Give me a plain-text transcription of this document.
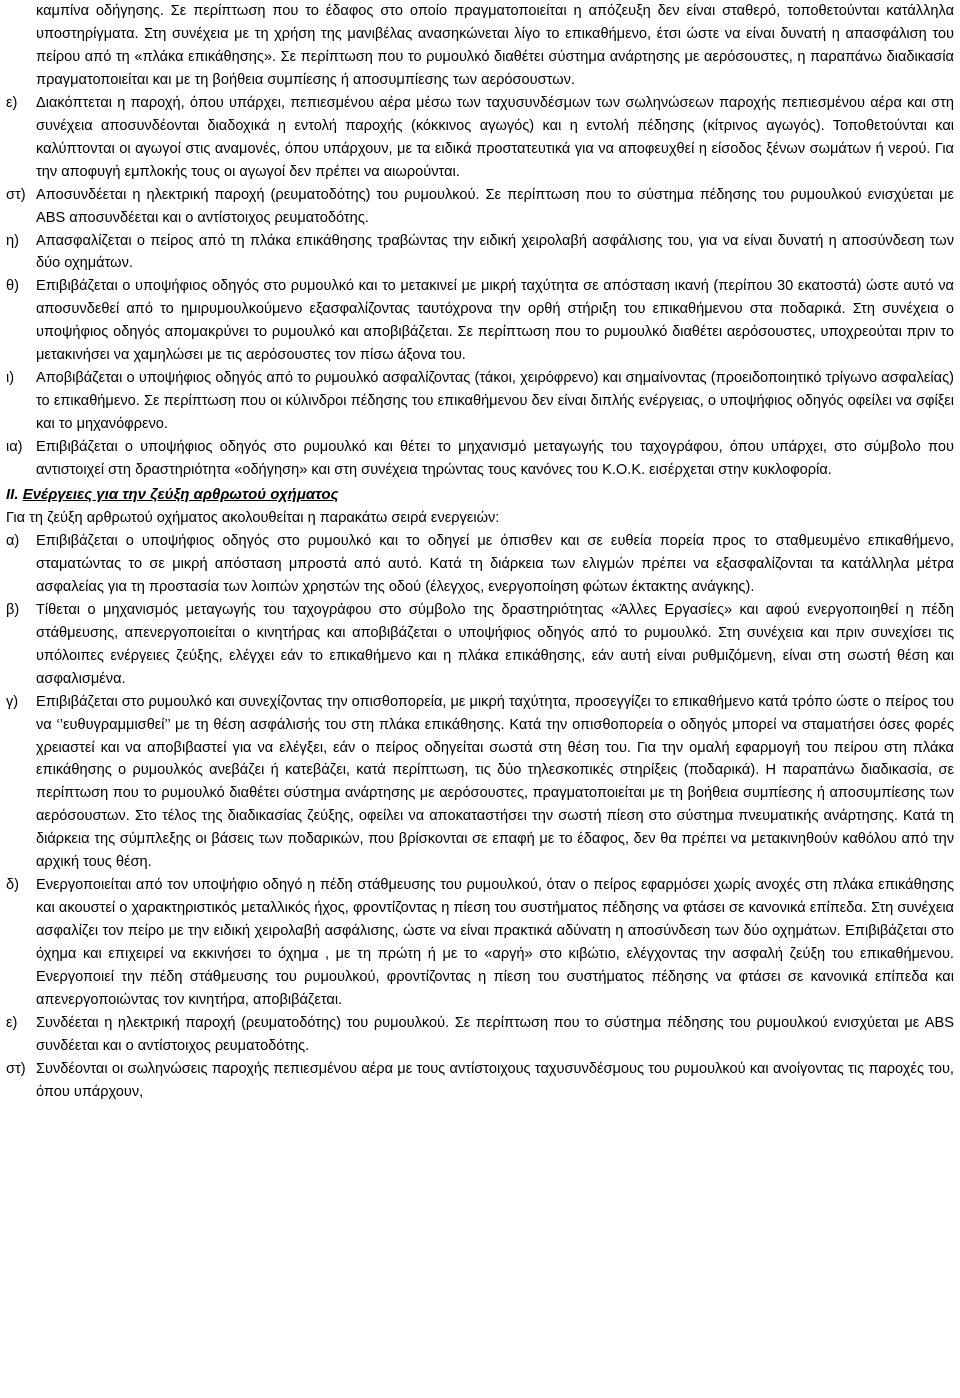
καμπίνα οδήγησης. Σε περίπτωση που το έδαφος στο οποίο πραγματοποιείται η απόζευξη δεν είναι σταθερό, τοποθετούνται κατάλληλα υποστηρίγματα. Στη συνέχεια με τη χρήση της μανιβέλας ανασηκώνεται λίγο το επικαθήμενο, έτσι ώστε να είναι δυνατή η απασφάλιση του πείρου από τη «πλάκα επικάθησης». Σε περίπτωση που το ρυμουλκό διαθέτει σύστημα ανάρτησης με αερόσουστες, η παραπάνω διαδικασία πραγματοποιείται και με τη βοήθεια συμπίεσης ή αποσυμπίεσης των αερόσουστων.

ε)	Διακόπτεται η παροχή, όπου υπάρχει, πεπιεσμένου αέρα μέσω των ταχυσυνδέσμων των σωληνώσεων παροχής πεπιεσμένου αέρα και στη συνέχεια αποσυνδέονται διαδοχικά η εντολή παροχής (κόκκινος αγωγός) και η εντολή πέδησης (κίτρινος αγωγός). Τοποθετούνται και καλύπτονται οι αγωγοί στις αναμονές, όπου υπάρχουν, με τα ειδικά προστατευτικά για να αποφευχθεί η είσοδος ξένων σωμάτων ή νερού. Για την αποφυγή εμπλοκής τους οι αγωγοί δεν πρέπει να αιωρούνται.
στ) Αποσυνδέεται η ηλεκτρική παροχή (ρευματοδότης) του ρυμουλκού. Σε περίπτωση που το σύστημα πέδησης του ρυμουλκού ενισχύεται με ABS αποσυνδέεται και ο αντίστοιχος ρευματοδότης.
η)	Απασφαλίζεται ο πείρος από τη πλάκα επικάθησης τραβώντας την ειδική χειρολαβή ασφάλισης του, για να είναι δυνατή η αποσύνδεση των δύο οχημάτων.
θ)	Επιβιβάζεται ο υποψήφιος οδηγός στο ρυμουλκό και το μετακινεί με μικρή ταχύτητα σε απόσταση ικανή (περίπου 30 εκατοστά) ώστε αυτό να αποσυνδεθεί από το ημιρυμουλκούμενο εξασφαλίζοντας ταυτόχρονα την ορθή στήριξη του επικαθήμενου στα ποδαρικά. Στη συνέχεια ο υποψήφιος οδηγός απομακρύνει το ρυμουλκό και αποβιβάζεται. Σε περίπτωση που το ρυμουλκό διαθέτει αερόσουστες, υποχρεούται πριν το μετακινήσει να χαμηλώσει με τις αερόσουστες τον πίσω άξονα του.
ι)	Αποβιβάζεται ο υποψήφιος οδηγός από το ρυμουλκό ασφαλίζοντας (τάκοι, χειρόφρενο) και σημαίνοντας (προειδοποιητικό τρίγωνο ασφαλείας) το επικαθήμενο. Σε περίπτωση που οι κύλινδροι πέδησης του επικαθήμενου δεν είναι διπλής ενέργειας, ο υποψήφιος οδηγός οφείλει να σφίξει και το μηχανόφρενο.
ια) Επιβιβάζεται ο υποψήφιος οδηγός στο ρυμουλκό και θέτει το μηχανισμό μεταγωγής του ταχογράφου, όπου υπάρχει, στο σύμβολο που αντιστοιχεί στη δραστηριότητα «οδήγηση» και στη συνέχεια τηρώντας τους κανόνες του Κ.Ο.Κ. εισέρχεται στην κυκλοφορία.
ΙΙ. Ενέργειες για την ζεύξη αρθρωτού οχήματος

Για τη ζεύξη αρθρωτού οχήματος ακολουθείται η παρακάτω σειρά ενεργειών:

α)	Επιβιβάζεται ο υποψήφιος οδηγός στο ρυμουλκό και το οδηγεί με όπισθεν και σε ευθεία πορεία προς το σταθμευμένο επικαθήμενο, σταματώντας το σε μικρή απόσταση μπροστά από αυτό. Κατά τη διάρκεια των ελιγμών πρέπει να εξασφαλίζονται τα κατάλληλα μέτρα ασφαλείας για τη προστασία των λοιπών χρηστών της οδού (έλεγχος, ενεργοποίηση φώτων έκτακτης ανάγκης).
β)	Τίθεται ο μηχανισμός μεταγωγής του ταχογράφου στο σύμβολο της δραστηριότητας «Άλλες Εργασίες» και αφού ενεργοποιηθεί η πέδη στάθμευσης, απενεργοποιείται ο κινητήρας και αποβιβάζεται ο υποψήφιος οδηγός από το ρυμουλκό. Στη συνέχεια και πριν συνεχίσει τις υπόλοιπες ενέργειες ζεύξης, ελέγχει εάν το επικαθήμενο και η πλάκα επικάθησης, εάν αυτή είναι ρυθμιζόμενη, είναι στη σωστή θέση και ασφαλισμένα.
γ)	Επιβιβάζεται στο ρυμουλκό και συνεχίζοντας την οπισθοπορεία, με μικρή ταχύτητα, προσεγγίζει το επικαθήμενο κατά τρόπο ώστε ο πείρος του να ‘’ευθυγραμμισθεί’’ με τη θέση ασφάλισής του στη πλάκα επικάθησης. Κατά την οπισθοπορεία ο οδηγός μπορεί να σταματήσει όσες φορές χρειαστεί και να αποβιβαστεί για να ελέγξει, εάν ο πείρος οδηγείται σωστά στη θέση του. Για την ομαλή εφαρμογή του πείρου στη πλάκα επικάθησης ο ρυμουλκός ανεβάζει ή κατεβάζει, κατά περίπτωση, τις δύο τηλεσκοπικές στηρίξεις (ποδαρικά). Η παραπάνω διαδικασία, σε περίπτωση που το ρυμουλκό διαθέτει σύστημα ανάρτησης με αερόσουστες, πραγματοποιείται με τη βοήθεια συμπίεσης ή αποσυμπίεσης των αερόσουστων. Στο τέλος της διαδικασίας ζεύξης, οφείλει να αποκαταστήσει την σωστή πίεση στο σύστημα πνευματικής ανάρτησης. Κατά τη διάρκεια της σύμπλεξης οι βάσεις των ποδαρικών, που βρίσκονται σε επαφή με το έδαφος, δεν θα πρέπει να μετακινηθούν καθόλου από την αρχική τους θέση.
δ)	Ενεργοποιείται από τον υποψήφιο οδηγό η πέδη στάθμευσης του ρυμουλκού, όταν ο πείρος εφαρμόσει χωρίς ανοχές στη πλάκα επικάθησης και ακουστεί ο χαρακτηριστικός μεταλλικός ήχος, φροντίζοντας η πίεση του συστήματος πέδησης να φτάσει σε κανονικά επίπεδα. Στη συνέχεια ασφαλίζει τον πείρο με την ειδική χειρολαβή ασφάλισης, ώστε να είναι πρακτικά αδύνατη η αποσύνδεση των δύο οχημάτων. Επιβιβάζεται στο όχημα και επιχειρεί να εκκινήσει το όχημα , με τη πρώτη ή με το «αργή» στο κιβώτιο, ελέγχοντας την ασφαλή ζεύξη του επικαθήμενου. Ενεργοποιεί την πέδη στάθμευσης του ρυμουλκού, φροντίζοντας η πίεση του συστήματος πέδησης να φτάσει σε κανονικά επίπεδα και απενεργοποιώντας τον κινητήρα, αποβιβάζεται.
ε)	Συνδέεται η ηλεκτρική παροχή (ρευματοδότης) του ρυμουλκού. Σε περίπτωση που το σύστημα πέδησης του ρυμουλκού ενισχύεται με ABS συνδέεται και ο αντίστοιχος ρευματοδότης.
στ) Συνδέονται οι σωληνώσεις παροχής πεπιεσμένου αέρα με τους αντίστοιχους ταχυσυνδέσμους του ρυμουλκού και ανοίγοντας τις παροχές του, όπου υπάρχουν,
